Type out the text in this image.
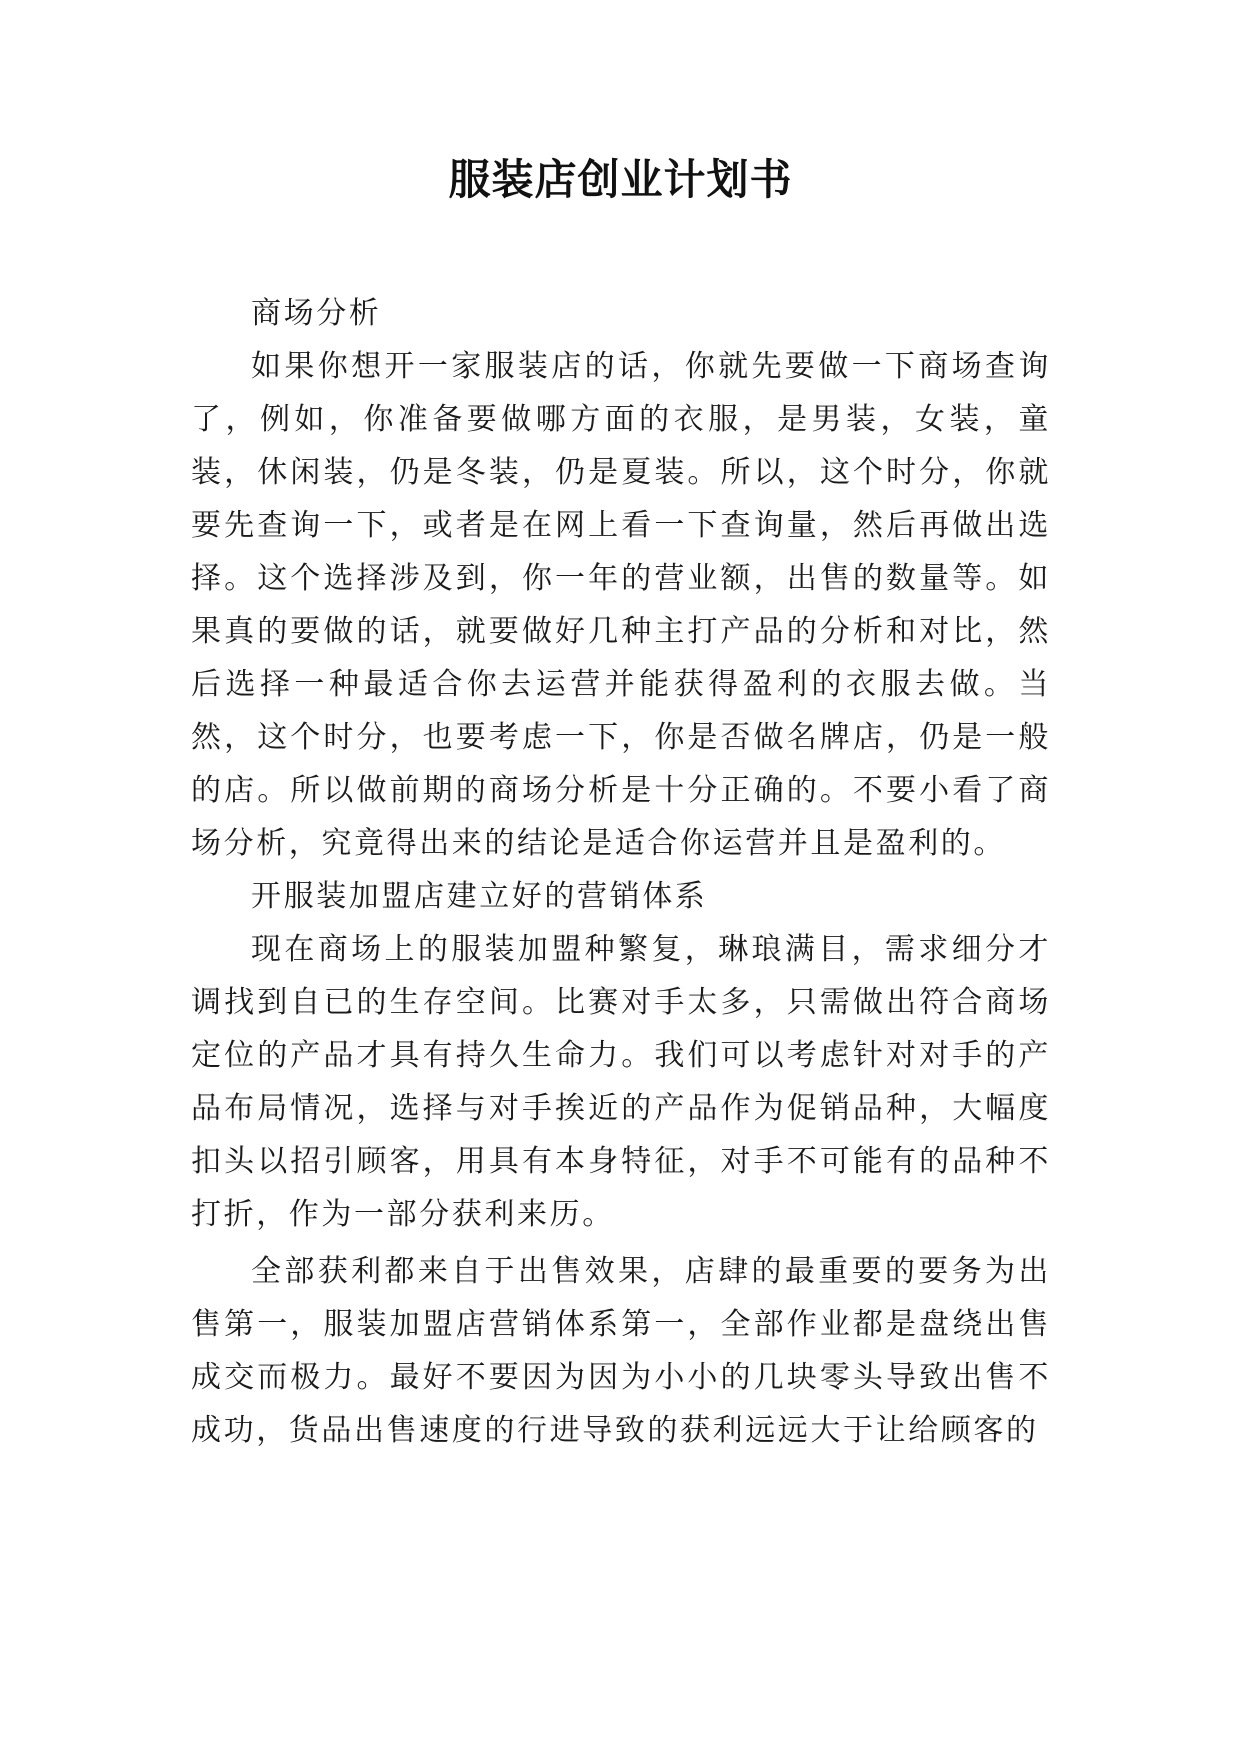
服装店创业计划书

商场分析

如果你想开一家服装店的话，你就先要做一下商场查询了，例如，你准备要做哪方面的衣服，是男装，女装，童装，休闲装，仍是冬装，仍是夏装。所以，这个时分，你就要先查询一下，或者是在网上看一下查询量，然后再做出选择。这个选择涉及到，你一年的营业额，出售的数量等。如果真的要做的话，就要做好几种主打产品的分析和对比，然后选择一种最适合你去运营并能获得盈利的衣服去做。当然，这个时分，也要考虑一下，你是否做名牌店，仍是一般的店。所以做前期的商场分析是十分正确的。不要小看了商场分析，究竟得出来的结论是适合你运营并且是盈利的。

开服装加盟店建立好的营销体系

现在商场上的服装加盟种繁复，琳琅满目，需求细分才调找到自已的生存空间。比赛对手太多，只需做出符合商场定位的产品才具有持久生命力。我们可以考虑针对对手的产品布局情况，选择与对手挨近的产品作为促销品种，大幅度扣头以招引顾客，用具有本身特征，对手不可能有的品种不打折，作为一部分获利来历。

全部获利都来自于出售效果，店肆的最重要的要务为出售第一，服装加盟店营销体系第一，全部作业都是盘绕出售成交而极力。最好不要因为因为小小的几块零头导致出售不成功，货品出售速度的行进导致的获利远远大于让给顾客的
